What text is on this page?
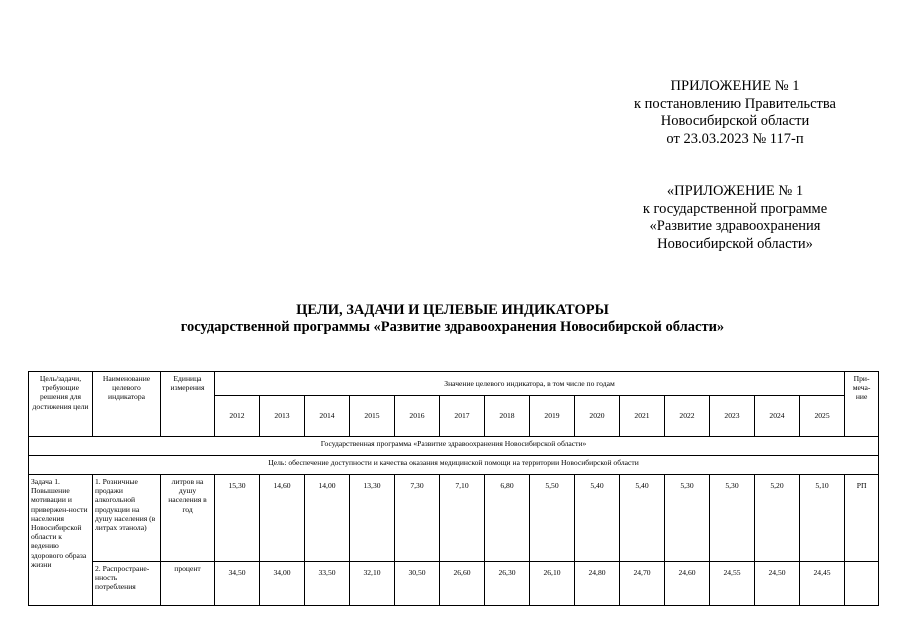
ПРИЛОЖЕНИЕ № 1
к постановлению Правительства
Новосибирской области
от 23.03.2023 № 117-п
«ПРИЛОЖЕНИЕ № 1
к государственной программе
«Развитие здравоохранения
Новосибирской области»
ЦЕЛИ, ЗАДАЧИ И ЦЕЛЕВЫЕ ИНДИКАТОРЫ
государственной программы «Развитие здравоохранения Новосибирской области»
Цель/задачи, требующие решения для достижения цели	Наименование целевого индикатора	Единица измерения	Значение целевого индикатора, в том числе по годам														При-меча-ние
			2012	2013	2014	2015	2016	2017	2018	2019	2020	2021	2022	2023	2024	2025	
Государственная программа «Развитие здравоохранения Новосибирской области»																	
Цель: обеспечение доступности и качества оказания медицинской помощи на территории Новосибирской области																	
Задача 1. Повышение мотивации и привержен-ности населения Новосибирской области к ведению здорового образа жизни	1. Розничные продажи алкогольной продукции на душу населения (в литрах этанола)	литров на душу населения в год	15,30	14,60	14,00	13,30	7,30	7,10	6,80	5,50	5,40	5,40	5,30	5,30	5,20	5,10	РП
	2. Распростране-нность потребления	процент	34,50	34,00	33,50	32,10	30,50	26,60	26,30	26,10	24,80	24,70	24,60	24,55	24,50	24,45	
